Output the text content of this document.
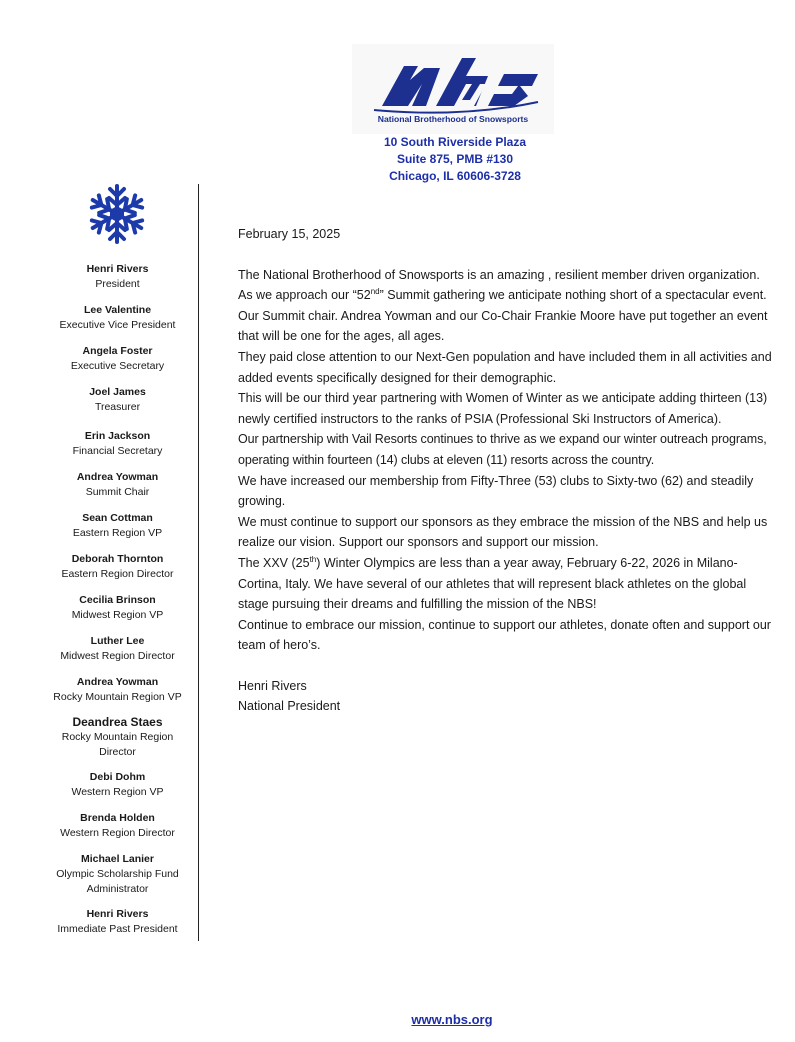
National Brotherhood of Snowsports
10 South Riverside Plaza
Suite 875, PMB #130
Chicago, IL 60606-3728
Henri Rivers
President
Lee Valentine
Executive Vice President
Angela Foster
Executive Secretary
Joel James
Treasurer
Erin Jackson
Financial Secretary
Andrea Yowman
Summit Chair
Sean Cottman
Eastern Region VP
Deborah Thornton
Eastern Region Director
Cecilia Brinson
Midwest Region VP
Luther Lee
Midwest Region Director
Andrea Yowman
Rocky Mountain Region VP
Deandrea Staes
Rocky Mountain Region Director
Debi Dohm
Western Region VP
Brenda Holden
Western Region Director
Michael Lanier
Olympic Scholarship Fund Administrator
Henri Rivers
Immediate Past President

February 15, 2025

The National Brotherhood of Snowsports is an amazing , resilient member driven organization.

As we approach our “52nd” Summit gathering we anticipate nothing short of a spectacular event.

Our Summit chair. Andrea Yowman and our Co-Chair Frankie Moore have put together an event that will be one for the ages, all ages.

They paid close attention to our Next-Gen population and have included them in all activities and added events specifically designed for their demographic.

This will be our third year partnering with Women of Winter as we anticipate adding thirteen (13) newly certified instructors to the ranks of PSIA (Professional Ski Instructors of America).

Our partnership with Vail Resorts continues to thrive as we expand our winter outreach programs, operating within fourteen (14) clubs at eleven (11) resorts across the country.

We have increased our membership from Fifty-Three (53) clubs to Sixty-two (62) and steadily growing.

We must continue to support our sponsors as they embrace the mission of the NBS and help us realize our vision. Support our sponsors and support our mission.

The XXV (25th) Winter Olympics are less than a year away, February 6-22, 2026 in Milano-Cortina, Italy. We have several of our athletes that will represent black athletes on the global stage pursuing their dreams and fulfilling the mission of the NBS!

Continue to embrace our mission, continue to support our athletes, donate often and support our team of hero’s.

Henri Rivers

National President

www.nbs.org
